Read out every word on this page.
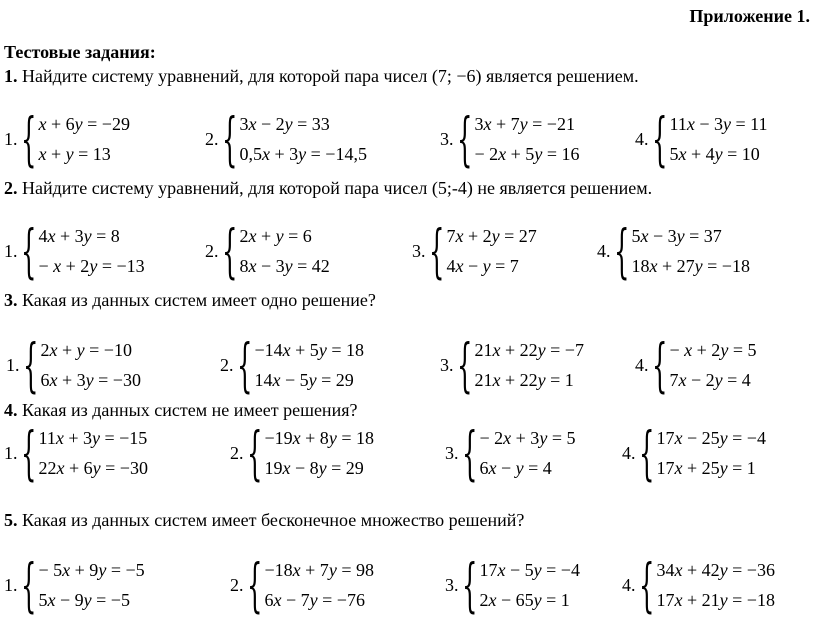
Приложение 1.
Тестовые задания:
1. Найдите систему уравнений, для которой пара чисел (7; −6) является решением.
1. { x + 6y = −29
x + y = 13
2. { 3x − 2y = 33
0,5x + 3y = −14,5
3. { 3x + 7y = −21
− 2x + 5y = 16
4. { 11x − 3y = 11
5x + 4y = 10
2. Найдите систему уравнений, для которой пара чисел (5;-4) не является решением.
1. { 4x + 3y = 8
− x + 2y = −13
2. { 2x + y = 6
8x − 3y = 42
3. { 7x + 2y = 27
4x − y = 7
4. { 5x − 3y = 37
18x + 27y = −18
3. Какая из данных систем имеет одно решение?
1. { 2x + y = −10
6x + 3y = −30
2. { −14x + 5y = 18
14x − 5y = 29
3. { 21x + 22y = −7
21x + 22y = 1
4. { − x + 2y = 5
7x − 2y = 4
4. Какая из данных систем не имеет решения?
1. { 11x + 3y = −15
22x + 6y = −30
2. { −19x + 8y = 18
19x − 8y = 29
3. { − 2x + 3y = 5
6x − y = 4
4. { 17x − 25y = −4
17x + 25y = 1
5. Какая из данных систем имеет бесконечное множество решений?
1. { − 5x + 9y = −5
5x − 9y = −5
2. { −18x + 7y = 98
6x − 7y = −76
3. { 17x − 5y = −4
2x − 65y = 1
4. { 34x + 42y = −36
17x + 21y = −18
